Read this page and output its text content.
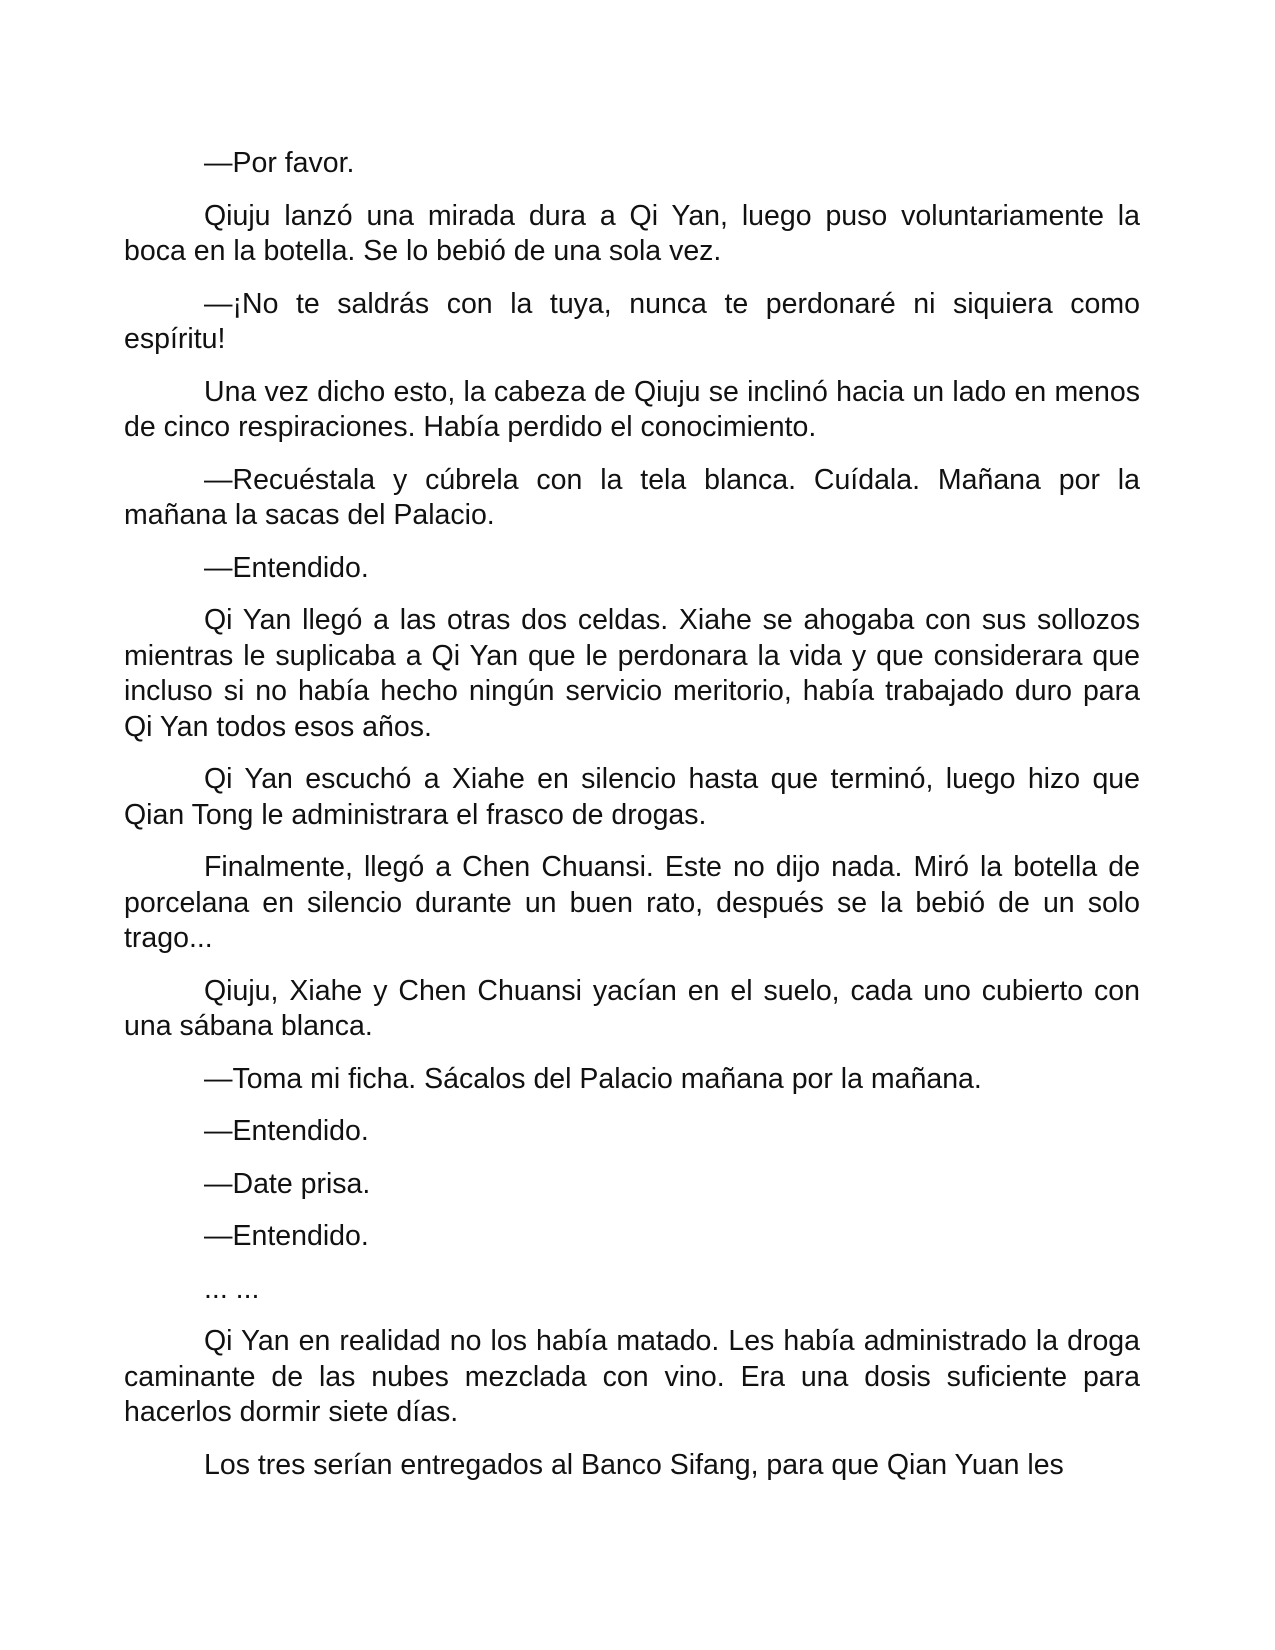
—Por favor.

Qiuju lanzó una mirada dura a Qi Yan, luego puso voluntariamente la boca en la botella. Se lo bebió de una sola vez.

—¡No te saldrás con la tuya, nunca te perdonaré ni siquiera como espíritu!

Una vez dicho esto, la cabeza de Qiuju se inclinó hacia un lado en menos de cinco respiraciones. Había perdido el conocimiento.

—Recuéstala y cúbrela con la tela blanca. Cuídala. Mañana por la mañana la sacas del Palacio.

—Entendido.

Qi Yan llegó a las otras dos celdas. Xiahe se ahogaba con sus sollozos mientras le suplicaba a Qi Yan que le perdonara la vida y que considerara que incluso si no había hecho ningún servicio meritorio, había trabajado duro para Qi Yan todos esos años.

Qi Yan escuchó a Xiahe en silencio hasta que terminó, luego hizo que Qian Tong le administrara el frasco de drogas.

Finalmente, llegó a Chen Chuansi. Este no dijo nada. Miró la botella de porcelana en silencio durante un buen rato, después se la bebió de un solo trago...

Qiuju, Xiahe y Chen Chuansi yacían en el suelo, cada uno cubierto con una sábana blanca.

—Toma mi ficha. Sácalos del Palacio mañana por la mañana.

—Entendido.

—Date prisa.

—Entendido.

... ...

Qi Yan en realidad no los había matado. Les había administrado la droga caminante de las nubes mezclada con vino. Era una dosis suficiente para hacerlos dormir siete días.

Los tres serían entregados al Banco Sifang, para que Qian Yuan les
